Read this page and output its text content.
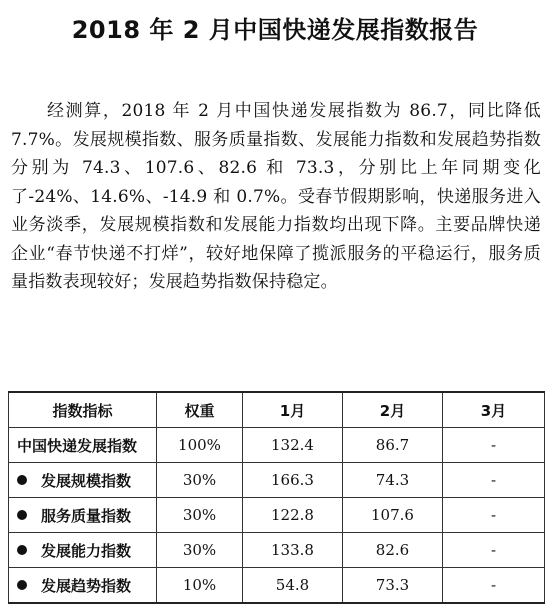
2018 年 2 月中国快递发展指数报告

经测算，2018 年 2 月中国快递发展指数为 86.7，同比降低 7.7%。发展规模指数、服务质量指数、发展能力指数和发展趋势指数分别为 74.3、107.6、82.6 和 73.3，分别比上年同期变化了-24%、14.6%、-14.9 和 0.7%。受春节假期影响，快递服务进入业务淡季，发展规模指数和发展能力指数均出现下降。主要品牌快递企业“春节快递不打烊”，较好地保障了揽派服务的平稳运行，服务质量指数表现较好；发展趋势指数保持稳定。

指数指标	权重	1月	2月	3月
中国快递发展指数	100%	132.4	86.7	-
发展规模指数	30%	166.3	74.3	-
服务质量指数	30%	122.8	107.6	-
发展能力指数	30%	133.8	82.6	-
发展趋势指数	10%	54.8	73.3	-
